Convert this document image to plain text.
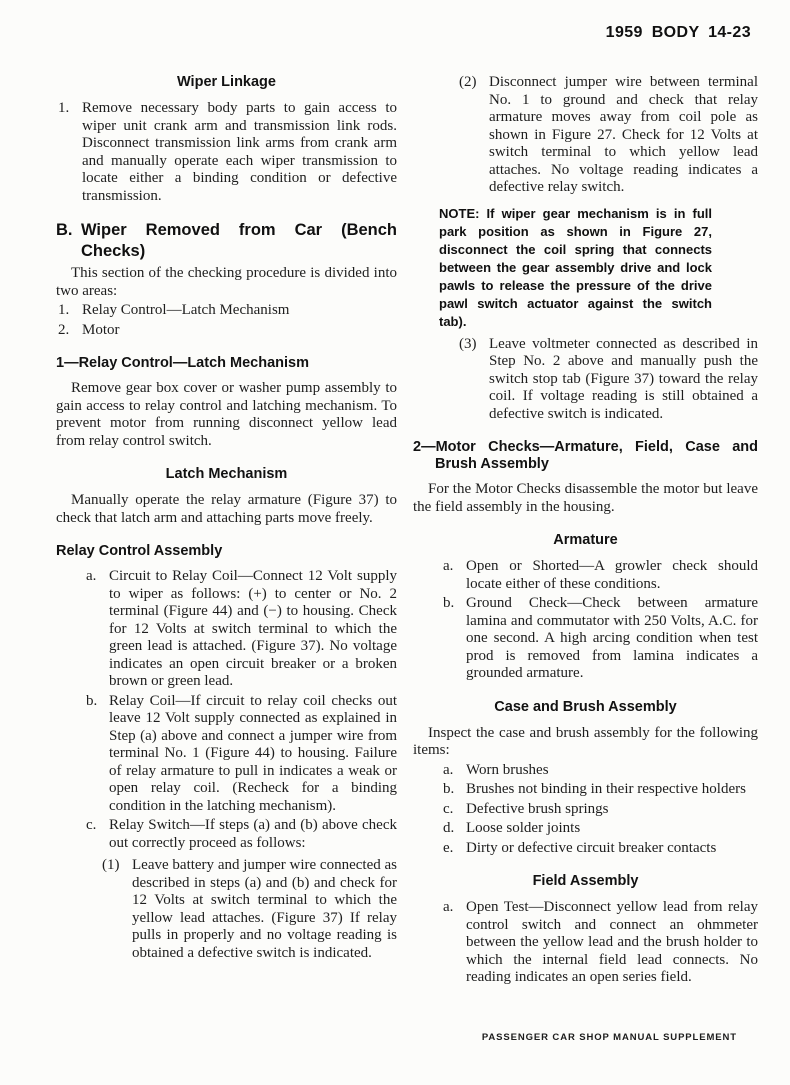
1959 BODY 14-23
Wiper Linkage
1. Remove necessary body parts to gain access to wiper unit crank arm and transmission link rods. Disconnect transmission link arms from crank arm and manually operate each wiper transmission to locate either a binding condition or defective transmission.
B. Wiper Removed from Car (Bench Checks)
This section of the checking procedure is divided into two areas:
1. Relay Control—Latch Mechanism
2. Motor
1—Relay Control—Latch Mechanism
Remove gear box cover or washer pump assembly to gain access to relay control and latching mechanism. To prevent motor from running disconnect yellow lead from relay control switch.
Latch Mechanism
Manually operate the relay armature (Figure 37) to check that latch arm and attaching parts move freely.
Relay Control Assembly
a. Circuit to Relay Coil—Connect 12 Volt supply to wiper as follows: (+) to center or No. 2 terminal (Figure 44) and (−) to housing. Check for 12 Volts at switch terminal to which the green lead is attached. (Figure 37). No voltage indicates an open circuit breaker or a broken brown or green lead.
b. Relay Coil—If circuit to relay coil checks out leave 12 Volt supply connected as explained in Step (a) above and connect a jumper wire from terminal No. 1 (Figure 44) to housing. Failure of relay armature to pull in indicates a weak or open relay coil. (Recheck for a binding condition in the latching mechanism).
c. Relay Switch—If steps (a) and (b) above check out correctly proceed as follows:
(1) Leave battery and jumper wire connected as described in steps (a) and (b) and check for 12 Volts at switch terminal to which the yellow lead attaches. (Figure 37) If relay pulls in properly and no voltage reading is obtained a defective switch is indicated.
(2) Disconnect jumper wire between terminal No. 1 to ground and check that relay armature moves away from coil pole as shown in Figure 27. Check for 12 Volts at switch terminal to which yellow lead attaches. No voltage reading indicates a defective relay switch.
NOTE: If wiper gear mechanism is in full park position as shown in Figure 27, disconnect the coil spring that connects between the gear assembly drive and lock pawls to release the pressure of the drive pawl switch actuator against the switch tab).
(3) Leave voltmeter connected as described in Step No. 2 above and manually push the switch stop tab (Figure 37) toward the relay coil. If voltage reading is still obtained a defective switch is indicated.
2—Motor Checks—Armature, Field, Case and Brush Assembly
For the Motor Checks disassemble the motor but leave the field assembly in the housing.
Armature
a. Open or Shorted—A growler check should locate either of these conditions.
b. Ground Check—Check between armature lamina and commutator with 250 Volts, A.C. for one second. A high arcing condition when test prod is removed from lamina indicates a grounded armature.
Case and Brush Assembly
Inspect the case and brush assembly for the following items:
a. Worn brushes
b. Brushes not binding in their respective holders
c. Defective brush springs
d. Loose solder joints
e. Dirty or defective circuit breaker contacts
Field Assembly
a. Open Test—Disconnect yellow lead from relay control switch and connect an ohmmeter between the yellow lead and the brush holder to which the internal field lead connects. No reading indicates an open series field.
PASSENGER CAR SHOP MANUAL SUPPLEMENT
